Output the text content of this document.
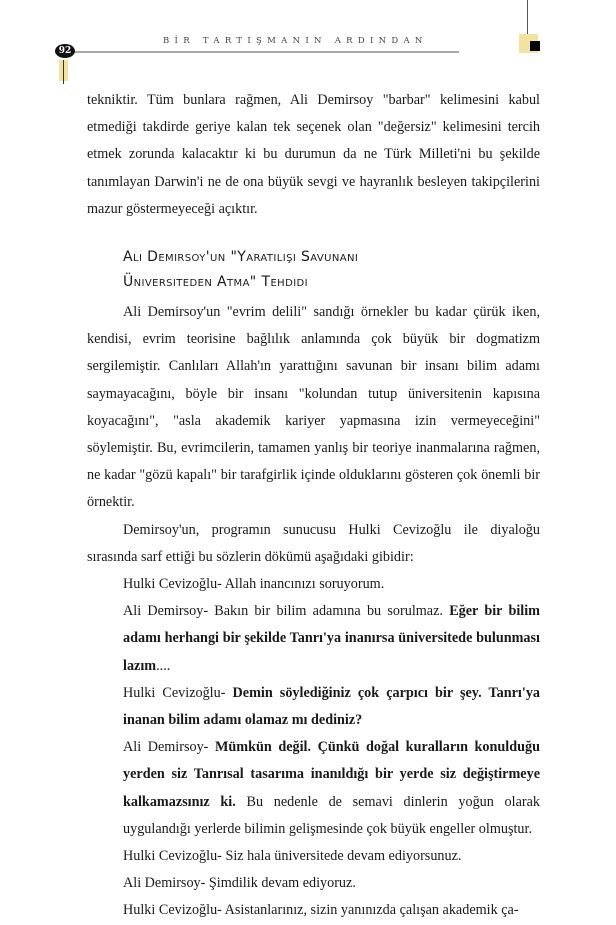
BİR TARTIŞMANIN ARDINDAN
92

tekniktir. Tüm bunlara rağmen, Ali Demirsoy "barbar" kelimesini kabul etmediği takdirde geriye kalan tek seçenek olan "değersiz" kelimesini tercih etmek zorunda kalacaktır ki bu durumun da ne Türk Milleti'ni bu şekilde tanımlayan Darwin'i ne de ona büyük sevgi ve hayranlık besleyen takipçilerini mazur göstermeyeceği açıktır.

Ali Demirsoy'un "Yaratılışı Savunanı
Üniversiteden Atma" Tehdidi

Ali Demirsoy'un "evrim delili" sandığı örnekler bu kadar çürük iken, kendisi, evrim teorisine bağlılık anlamında çok büyük bir dogmatizm sergilemiştir. Canlıları Allah'ın yarattığını savunan bir insanı bilim adamı saymayacağını, böyle bir insanı "kolundan tutup üniversitenin kapısına koyacağını", "asla akademik kariyer yapmasına izin vermeyeceğini" söylemiştir. Bu, evrimcilerin, tamamen yanlış bir teoriye inanmalarına rağmen, ne kadar "gözü kapalı" bir tarafgirlik içinde olduklarını gösteren çok önemli bir örnektir.

Demirsoy'un, programın sunucusu Hulki Cevizoğlu ile diyaloğu sırasında sarf ettiği bu sözlerin dökümü aşağıdaki gibidir:

Hulki Cevizoğlu- Allah inancınızı soruyorum.

Ali Demirsoy- Bakın bir bilim adamına bu sorulmaz. Eğer bir bilim adamı herhangi bir şekilde Tanrı'ya inanırsa üniversitede bulunması lazım....

Hulki Cevizoğlu- Demin söylediğiniz çok çarpıcı bir şey. Tanrı'ya inanan bilim adamı olamaz mı dediniz?

Ali Demirsoy- Mümkün değil. Çünkü doğal kuralların konulduğu yerden siz Tanrısal tasarıma inanıldığı bir yerde siz değiştirmeye kalkamazsınız ki. Bu nedenle de semavi dinlerin yoğun olarak uygulandığı yerlerde bilimin gelişmesinde çok büyük engeller olmuştur.

Hulki Cevizoğlu- Siz hala üniversitede devam ediyorsunuz.

Ali Demirsoy- Şimdilik devam ediyoruz.

Hulki Cevizoğlu- Asistanlarınız, sizin yanınızda çalışan akademik ça-
